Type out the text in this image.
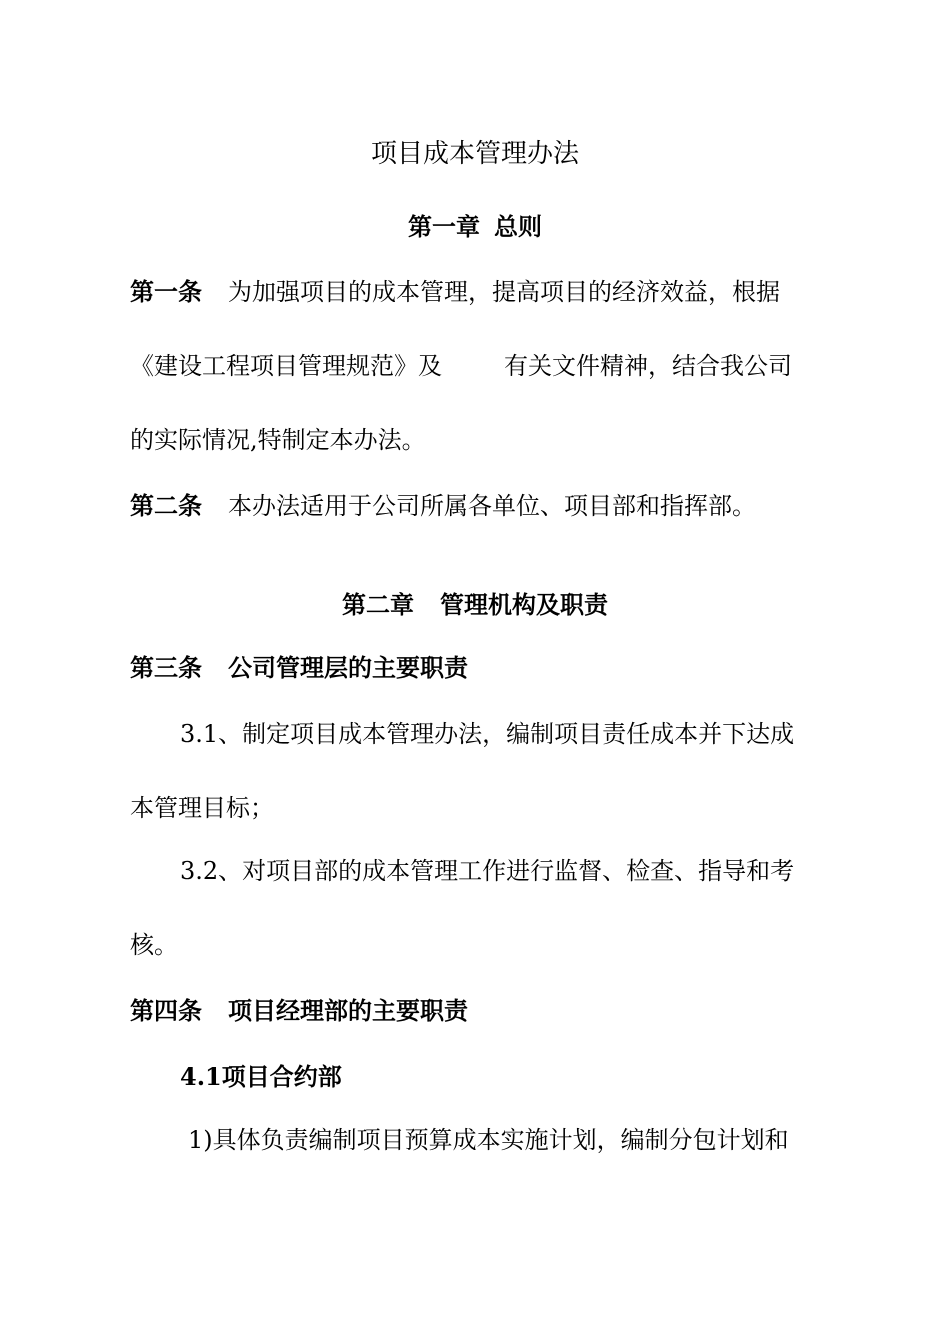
项目成本管理办法
第一章 总则
第一条 为加强项目的成本管理，提高项目的经济效益，根据
《建设工程项目管理规范》及	有关文件精神，结合我公司
的实际情况,特制定本办法。
第二条 本办法适用于公司所属各单位、项目部和指挥部。
第二章 管理机构及职责
第三条 公司管理层的主要职责
3.1、制定项目成本管理办法，编制项目责任成本并下达成
本管理目标；
3.2、对项目部的成本管理工作进行监督、检查、指导和考
核。
第四条 项目经理部的主要职责
4.1项目合约部
1)具体负责编制项目预算成本实施计划，编制分包计划和
